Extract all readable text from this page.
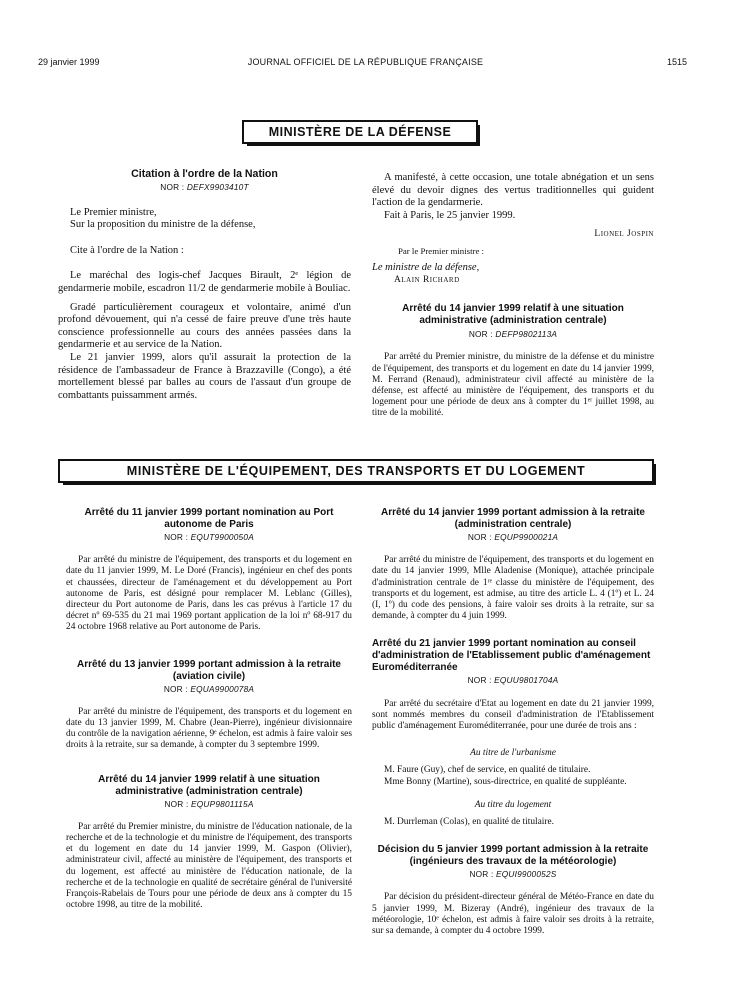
29 janvier 1999	JOURNAL OFFICIEL DE LA RÉPUBLIQUE FRANÇAISE	1515
MINISTÈRE DE LA DÉFENSE

Citation à l'ordre de la Nation

NOR : DEFX9903410T

Le Premier ministre,

Sur la proposition du ministre de la défense,

Cite à l'ordre de la Nation :

Le maréchal des logis-chef Jacques Birault, 2ᵉ légion de gendarmerie mobile, escadron 11/2 de gendarmerie mobile à Bouliac.

Gradé particulièrement courageux et volontaire, animé d'un profond dévouement, qui n'a cessé de faire preuve d'une très haute conscience professionnelle au cours des années passées dans la gendarmerie et au service de la Nation.

Le 21 janvier 1999, alors qu'il assurait la protection de la résidence de l'ambassadeur de France à Brazzaville (Congo), a été mortellement blessé par balles au cours de l'assaut d'un groupe de combattants puissamment armés.

A manifesté, à cette occasion, une totale abnégation et un sens élevé du devoir dignes des vertus traditionnelles qui guident l'action de la gendarmerie.

Fait à Paris, le 25 janvier 1999.

Lionel Jospin

Par le Premier ministre :

Le ministre de la défense,

Alain Richard

Arrêté du 14 janvier 1999 relatif à une situation administrative (administration centrale)

NOR : DEFP9802113A

Par arrêté du Premier ministre, du ministre de la défense et du ministre de l'équipement, des transports et du logement en date du 14 janvier 1999, M. Ferrand (Renaud), administrateur civil affecté au ministère de la défense, est affecté au ministère de l'équipement, des transports et du logement pour une période de deux ans à compter du 1ᵉʳ juillet 1998, au titre de la mobilité.

MINISTÈRE DE L'ÉQUIPEMENT, DES TRANSPORTS ET DU LOGEMENT

Arrêté du 11 janvier 1999 portant nomination au Port autonome de Paris

NOR : EQUT9900050A

Par arrêté du ministre de l'équipement, des transports et du logement en date du 11 janvier 1999, M. Le Doré (Francis), ingénieur en chef des ponts et chaussées, directeur de l'aménagement et du développement au Port autonome de Paris, est désigné pour remplacer M. Leblanc (Gilles), directeur du Port autonome de Paris, dans les cas prévus à l'article 17 du décret nº 69-535 du 21 mai 1969 portant application de la loi nº 68-917 du 24 octobre 1968 relative au Port autonome de Paris.

Arrêté du 13 janvier 1999 portant admission à la retraite (aviation civile)

NOR : EQUA9900078A

Par arrêté du ministre de l'équipement, des transports et du logement en date du 13 janvier 1999, M. Chabre (Jean-Pierre), ingénieur divisionnaire du contrôle de la navigation aérienne, 9ᵉ échelon, est admis à faire valoir ses droits à la retraite, sur sa demande, à compter du 3 septembre 1999.

Arrêté du 14 janvier 1999 relatif à une situation administrative (administration centrale)

NOR : EQUP9801115A

Par arrêté du Premier ministre, du ministre de l'éducation nationale, de la recherche et de la technologie et du ministre de l'équipement, des transports et du logement en date du 14 janvier 1999, M. Gaspon (Olivier), administrateur civil, affecté au ministère de l'équipement, des transports et du logement, est affecté au ministère de l'éducation nationale, de la recherche et de la technologie en qualité de secrétaire général de l'université François-Rabelais de Tours pour une période de deux ans à compter du 15 octobre 1998, au titre de la mobilité.

Arrêté du 14 janvier 1999 portant admission à la retraite (administration centrale)

NOR : EQUP9900021A

Par arrêté du ministre de l'équipement, des transports et du logement en date du 14 janvier 1999, Mlle Aladenise (Monique), attachée principale d'administration centrale de 1ʳᵉ classe du ministère de l'équipement, des transports et du logement, est admise, au titre des article L. 4 (1º) et L. 24 (I, 1º) du code des pensions, à faire valoir ses droits à la retraite, sur sa demande, à compter du 4 juin 1999.

Arrêté du 21 janvier 1999 portant nomination au conseil d'administration de l'Etablissement public d'aménagement Euroméditerranée

NOR : EQUU9801704A

Par arrêté du secrétaire d'Etat au logement en date du 21 janvier 1999, sont nommés membres du conseil d'administration de l'Etablissement public d'aménagement Euroméditerranée, pour une durée de trois ans :

Au titre de l'urbanisme

M. Faure (Guy), chef de service, en qualité de titulaire.

Mme Bonny (Martine), sous-directrice, en qualité de suppléante.

Au titre du logement

M. Durrleman (Colas), en qualité de titulaire.

Décision du 5 janvier 1999 portant admission à la retraite (ingénieurs des travaux de la météorologie)

NOR : EQUI9900052S

Par décision du président-directeur général de Météo-France en date du 5 janvier 1999, M. Bizeray (André), ingénieur des travaux de la météorologie, 10ᵉ échelon, est admis à faire valoir ses droits à la retraite, sur sa demande, à compter du 4 octobre 1999.
